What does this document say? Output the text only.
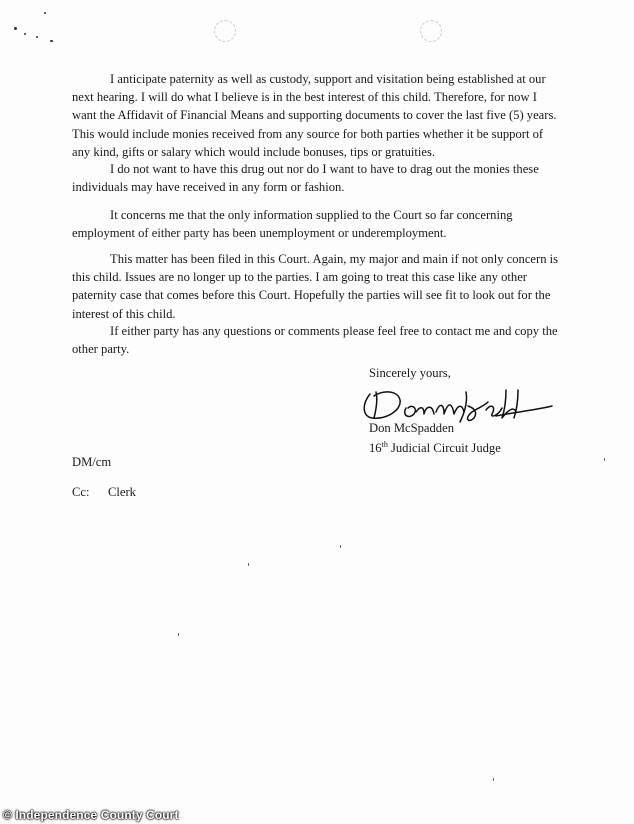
I anticipate paternity as well as custody, support and visitation being established at our next hearing. I will do what I believe is in the best interest of this child. Therefore, for now I want the Affidavit of Financial Means and supporting documents to cover the last five (5) years. This would include monies received from any source for both parties whether it be support of any kind, gifts or salary which would include bonuses, tips or gratuities.

I do not want to have this drug out nor do I want to have to drag out the monies these individuals may have received in any form or fashion.

It concerns me that the only information supplied to the Court so far concerning employment of either party has been unemployment or underemployment.

This matter has been filed in this Court. Again, my major and main if not only concern is this child. Issues are no longer up to the parties. I am going to treat this case like any other paternity case that comes before this Court. Hopefully the parties will see fit to look out for the interest of this child.

If either party has any questions or comments please feel free to contact me and copy the other party.

Sincerely yours,
Don McSpadden
16th Judicial Circuit Judge
DM/cm
Cc: Clerk
© Independence County Court
